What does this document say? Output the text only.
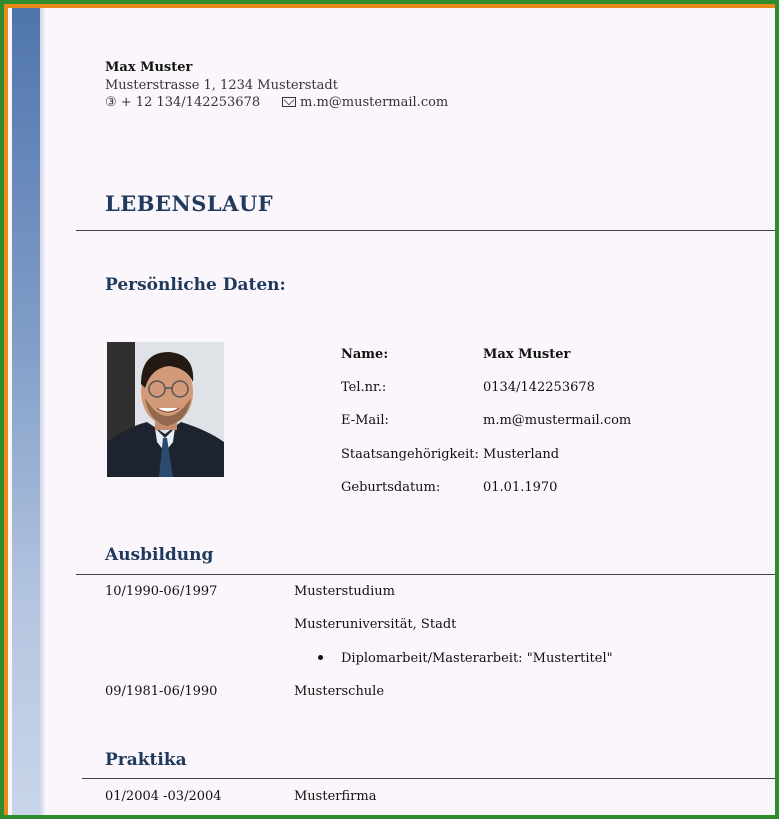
Max Muster
Musterstrasse 1, 1234 Musterstadt
③ + 12 134/142253678	m.m@mustermail.com
LEBENSLAUF
Persönliche Daten:
Name:	Max Muster
Tel.nr.:	0134/142253678
E-Mail:	m.m@mustermail.com
Staatsangehörigkeit: Musterland
Geburtsdatum:	01.01.1970
Ausbildung
10/1990-06/1997	Musterstudium
Musteruniversität, Stadt
Diplomarbeit/Masterarbeit: "Mustertitel"
09/1981-06/1990	Musterschule
Praktika
01/2004 -03/2004	Musterfirma
